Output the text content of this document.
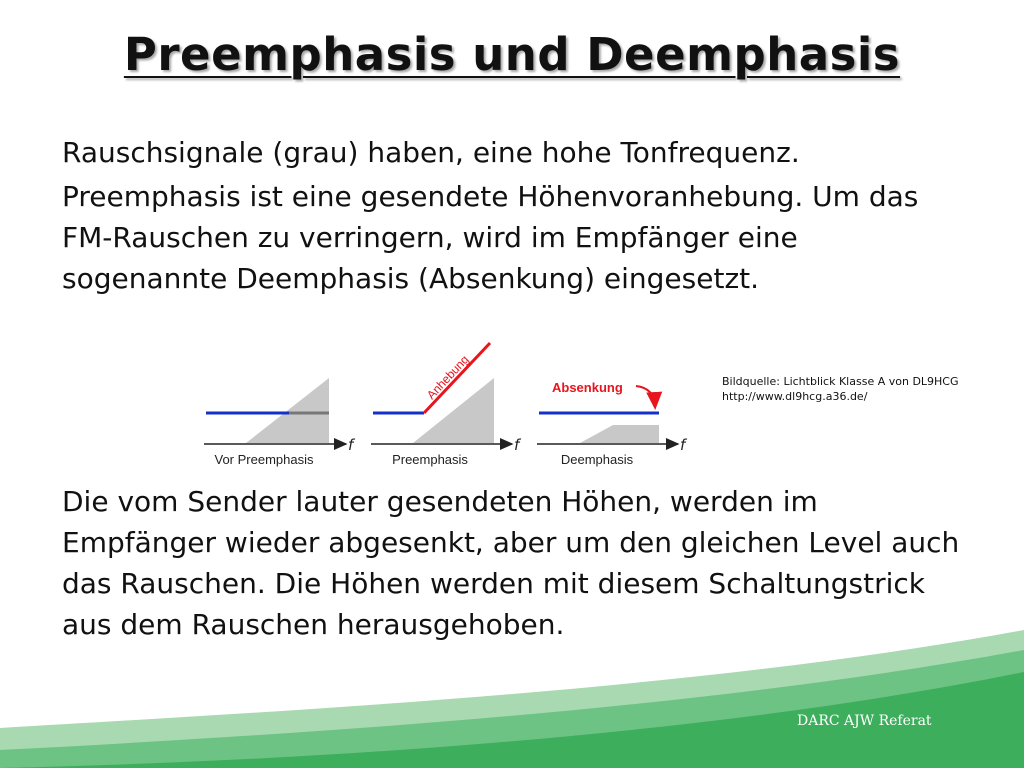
Preemphasis und Deemphasis

Rauschsignale (grau) haben, eine hohe Tonfrequenz.

Preemphasis ist eine gesendete Höhenvoranhebung. Um das FM-Rauschen zu verringern, wird im Empfänger eine sogenannte Deemphasis (Absenkung) eingesetzt.

Die vom Sender lauter gesendeten Höhen, werden im Empfänger wieder abgesenkt, aber um den gleichen Level auch das Rauschen. Die Höhen werden mit diesem Schaltungstrick aus dem Rauschen herausgehoben.

Bildquelle: Lichtblick Klasse A von DL9HCG
http://www.dl9hcg.a36.de/
f
Vor Preemphasis
Anhebung
f
Preemphasis
Absenkung
f
Deemphasis
DARC AJW Referat
